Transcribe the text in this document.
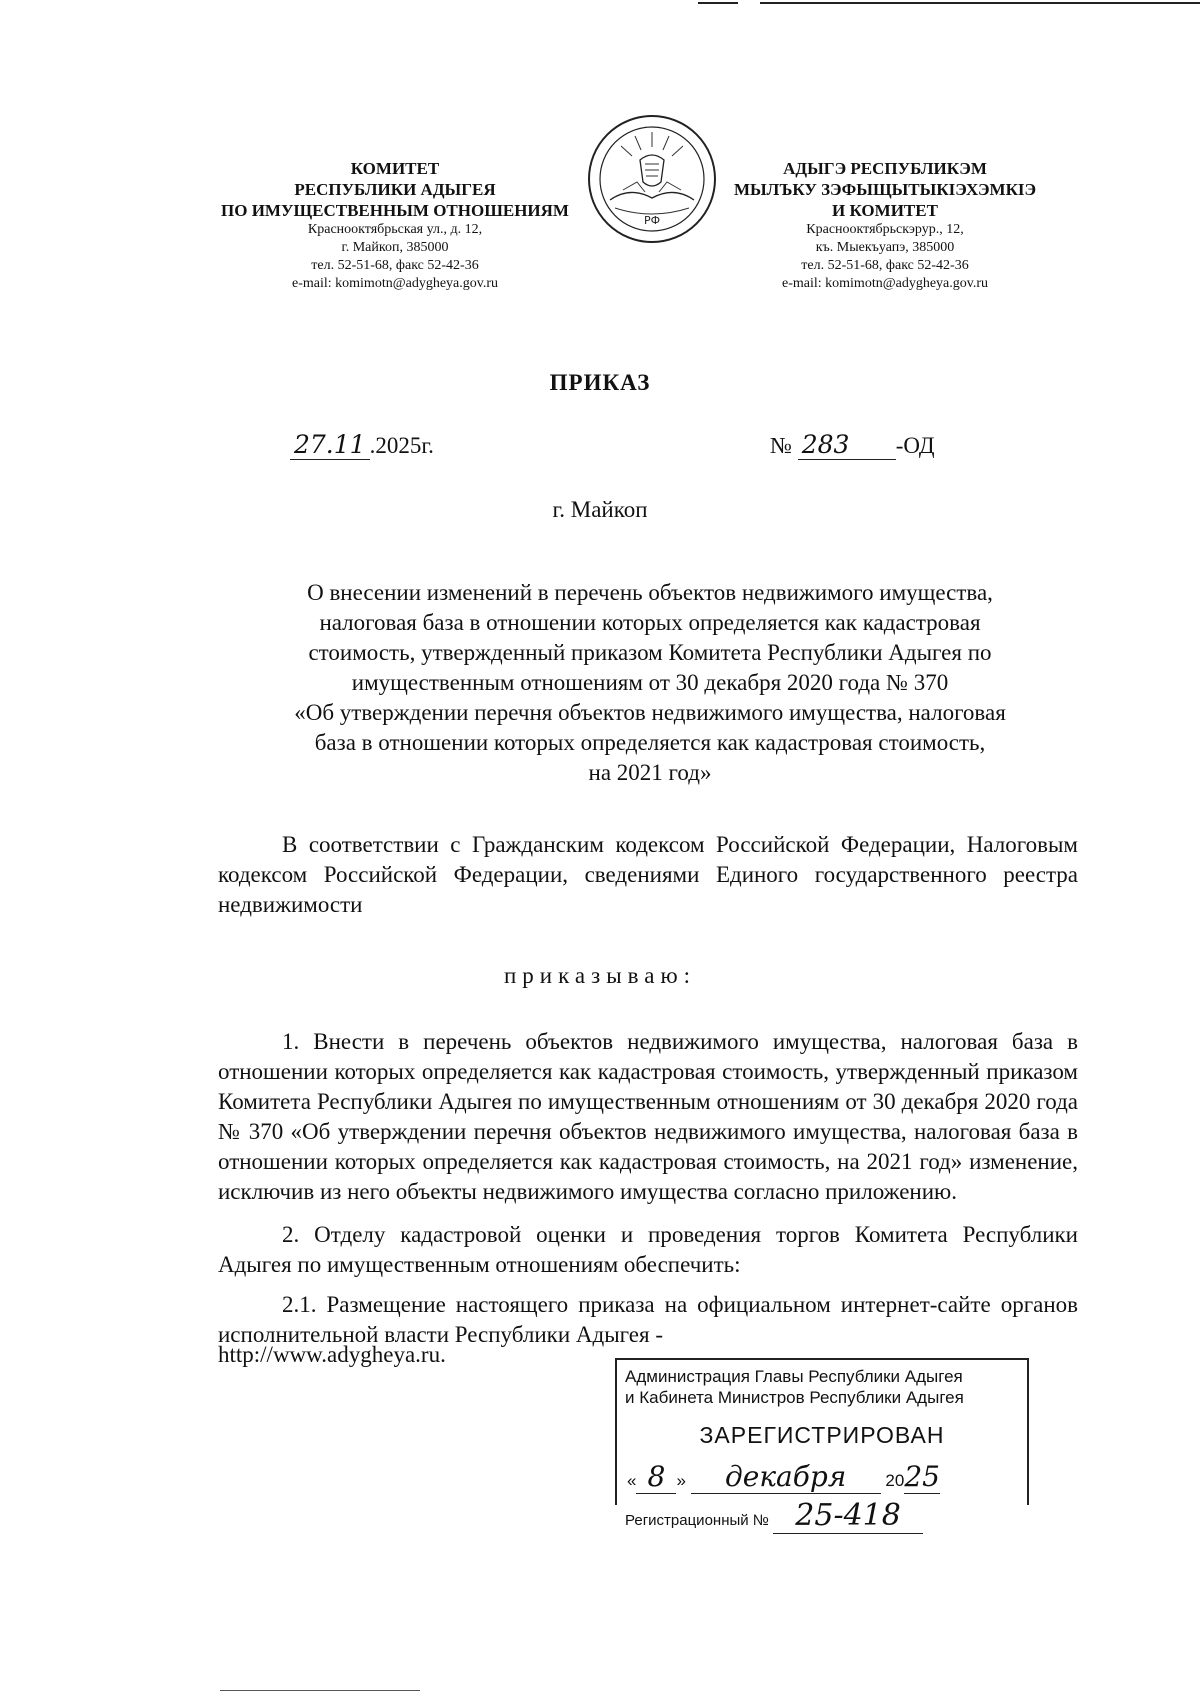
КОМИТЕТ
РЕСПУБЛИКИ АДЫГЕЯ
ПО ИМУЩЕСТВЕННЫМ ОТНОШЕНИЯМ
Краснооктябрьская ул., д. 12,
г. Майкоп, 385000
тел. 52-51-68, факс 52-42-36
e-mail: komimotn@adygheya.gov.ru
РФ
АДЫГЭ РЕСПУБЛИКЭМ
МЫЛЪКУ ЗЭФЫЩЫТЫКIЭХЭМКIЭ
И КОМИТЕТ
Краснооктябрьскэрур., 12,
къ. Мыекъуапэ, 385000
тел. 52-51-68, факс 52-42-36
e-mail: komimotn@adygheya.gov.ru
ПРИКАЗ
27.11 .2025г.	№ 283 -ОД
г. Майкоп
О внесении изменений в перечень объектов недвижимого имущества,
налоговая база в отношении которых определяется как кадастровая
стоимость, утвержденный приказом Комитета Республики Адыгея по
имущественным отношениям от 30 декабря 2020 года № 370
«Об утверждении перечня объектов недвижимого имущества, налоговая
база в отношении которых определяется как кадастровая стоимость,
на 2021 год»

В соответствии с Гражданским кодексом Российской Федерации, Налоговым кодексом Российской Федерации, сведениями Единого государственного реестра недвижимости

приказываю:

1. Внести в перечень объектов недвижимого имущества, налоговая база в отношении которых определяется как кадастровая стоимость, утвержденный приказом Комитета Республики Адыгея по имущественным отношениям от 30 декабря 2020 года № 370 «Об утверждении перечня объектов недвижимого имущества, налоговая база в отношении которых определяется как кадастровая стоимость, на 2021 год» изменение, исключив из него объекты недвижимого имущества согласно приложению.

2. Отделу кадастровой оценки и проведения торгов Комитета Республики Адыгея по имущественным отношениям обеспечить:

2.1. Размещение настоящего приказа на официальном интернет-сайте органов исполнительной власти Республики Адыгея -

http://www.adygheya.ru.
Администрация Главы Республики Адыгея
и Кабинета Министров Республики Адыгея
ЗАРЕГИСТРИРОВАН
« 8 » декабря 2025
Регистрационный № 25-418
